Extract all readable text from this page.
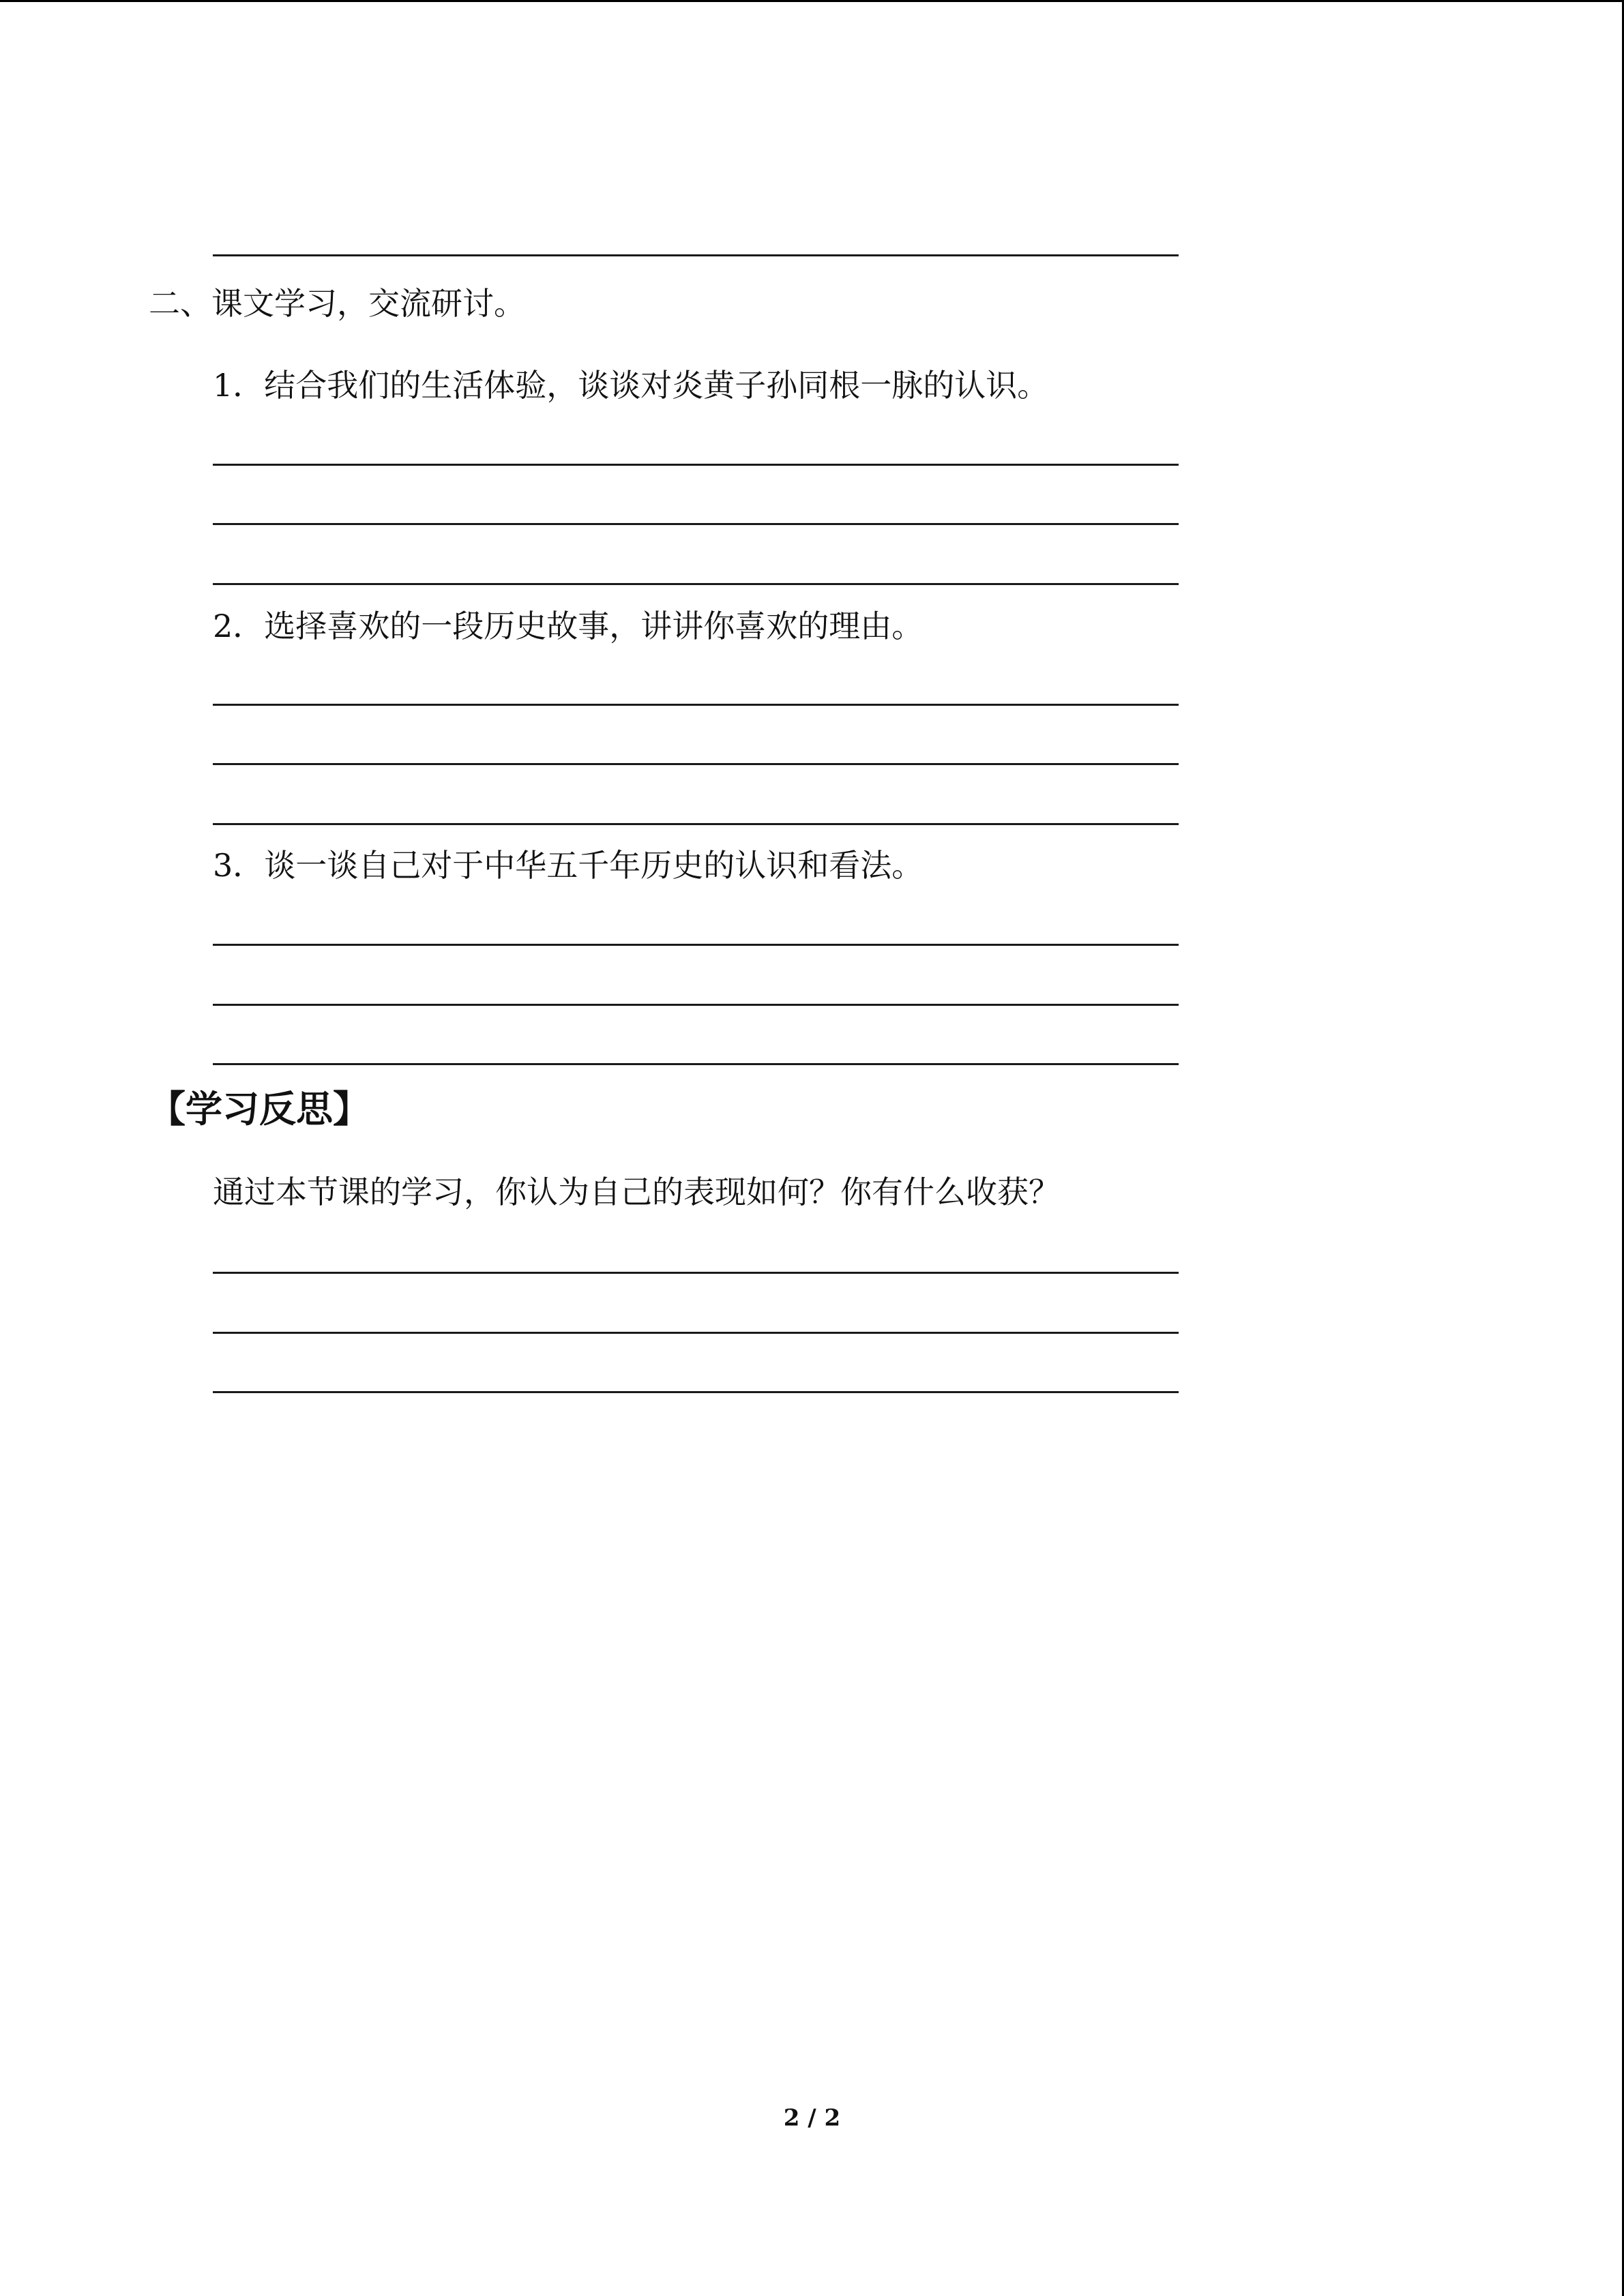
二、课文学习，交流研讨。
1．结合我们的生活体验，谈谈对炎黄子孙同根一脉的认识。
2．选择喜欢的一段历史故事，讲讲你喜欢的理由。
3．谈一谈自己对于中华五千年历史的认识和看法。
【学习反思】
通过本节课的学习，你认为自己的表现如何？你有什么收获？
2 / 2
